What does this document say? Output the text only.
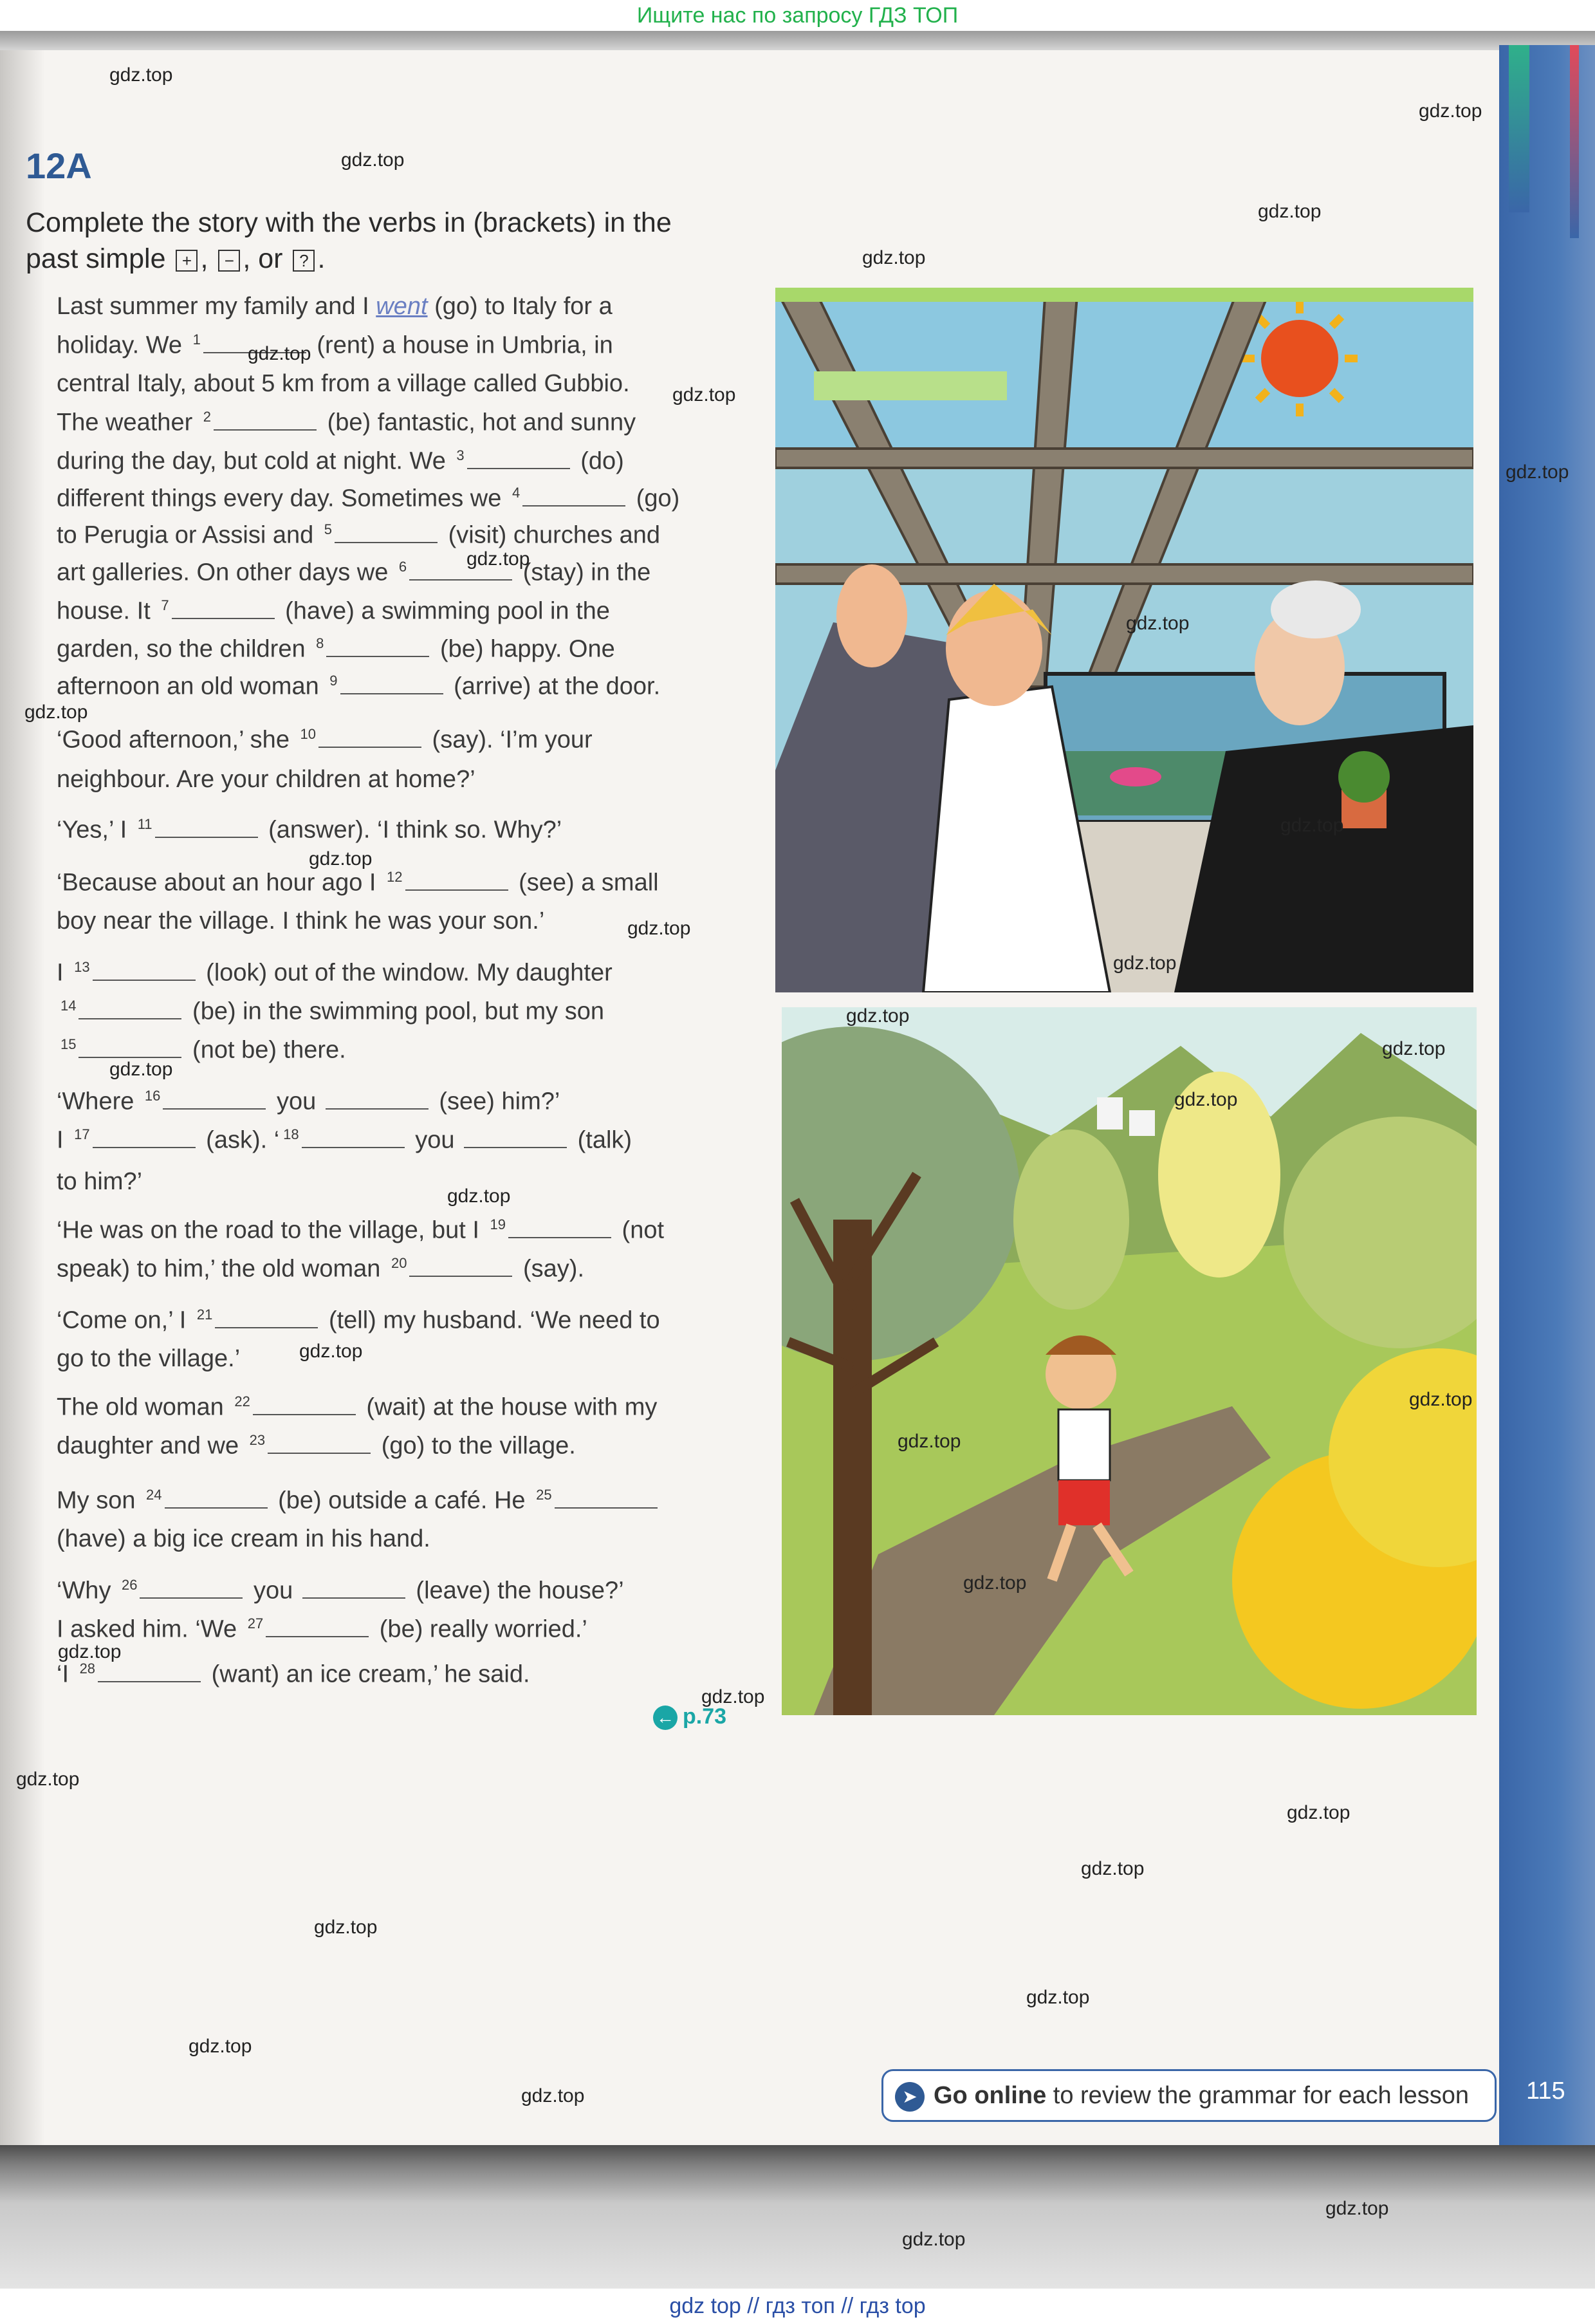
Ищите нас по запросу ГДЗ ТОП
12A
Complete the story with the verbs in (brackets) in the
past simple + , − , or ? .
Last summer my family and I went (go) to Italy for a
holiday. We $^1$	(rent) a house in Umbria, in
central Italy, about 5 km from a village called Gubbio.
The weather $^2$	(be) fantastic, hot and sunny
during the day, but cold at night. We $^3$	(do)
different things every day. Sometimes we $^4$	(go)
to Perugia or Assisi and $^5$	(visit) churches and
art galleries. On other days we $^6$	(stay) in the
house. It $^7$	(have) a swimming pool in the
garden, so the children $^8$	(be) happy. One
afternoon an old woman $^9$	(arrive) at the door.
‘Good afternoon,’ she $^{10}$	(say). ‘I’m your
neighbour. Are your children at home?’
‘Yes,’ I $^{11}$	(answer). ‘I think so. Why?’
‘Because about an hour ago I $^{12}$	(see) a small
boy near the village. I think he was your son.’
I $^{13}$	(look) out of the window. My daughter
$^{14}$	(be) in the swimming pool, but my son
$^{15}$	(not be) there.
‘Where $^{16}$	you	(see) him?’
I $^{17}$	(ask). ‘ $^{18}$	you	(talk)
to him?’
‘He was on the road to the village, but I $^{19}$	(not
speak) to him,’ the old woman $^{20}$	(say).
‘Come on,’ I $^{21}$	(tell) my husband. ‘We need to
go to the village.’
The old woman $^{22}$	(wait) at the house with my
daughter and we $^{23}$	(go) to the village.
My son $^{24}$	(be) outside a café. He $^{25}$
(have) a big ice cream in his hand.
‘Why $^{26}$	you	(leave) the house?’
I asked him. ‘We $^{27}$	(be) really worried.’
‘I $^{28}$	(want) an ice cream,’ he said.
← p.73
➤ Go online to review the grammar for each lesson	115
gdz top // гдз топ // гдз top
gdz.top
gdz.top
gdz.top
gdz.top
gdz.top
gdz.top
gdz.top
gdz.top
gdz.top
gdz.top
gdz.top
gdz.top
gdz.top
gdz.top
gdz.top
gdz.top
gdz.top
gdz.top
gdz.top
gdz.top
gdz.top
gdz.top
gdz.top
gdz.top
gdz.top
gdz.top
gdz.top
gdz.top
gdz.top
gdz.top
gdz.top
gdz.top
gdz.top
gdz.top
gdz.top
